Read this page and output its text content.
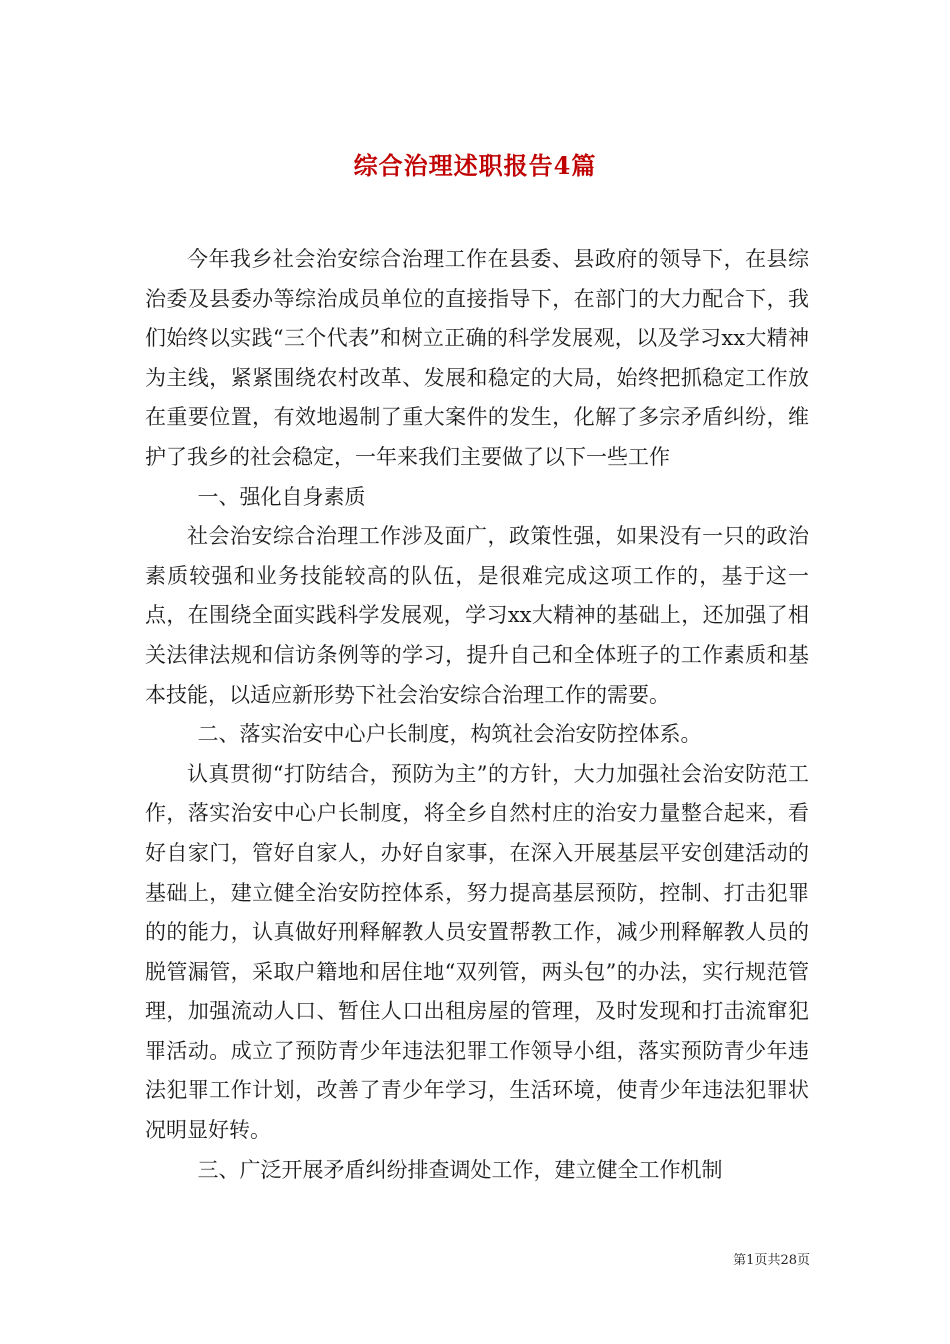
综合治理述职报告4篇

今年我乡社会治安综合治理工作在县委、县政府的领导下，在县综治委及县委办等综治成员单位的直接指导下，在部门的大力配合下，我们始终以实践“三个代表”和树立正确的科学发展观，以及学习xx大精神为主线，紧紧围绕农村改革、发展和稳定的大局，始终把抓稳定工作放在重要位置，有效地遏制了重大案件的发生，化解了多宗矛盾纠纷，维护了我乡的社会稳定，一年来我们主要做了以下一些工作

一、强化自身素质

社会治安综合治理工作涉及面广，政策性强，如果没有一只的政治素质较强和业务技能较高的队伍，是很难完成这项工作的，基于这一点，在围绕全面实践科学发展观，学习xx大精神的基础上，还加强了相关法律法规和信访条例等的学习，提升自己和全体班子的工作素质和基本技能，以适应新形势下社会治安综合治理工作的需要。

二、落实治安中心户长制度，构筑社会治安防控体系。

认真贯彻“打防结合，预防为主”的方针，大力加强社会治安防范工作，落实治安中心户长制度，将全乡自然村庄的治安力量整合起来，看好自家门，管好自家人，办好自家事，在深入开展基层平安创建活动的基础上，建立健全治安防控体系，努力提高基层预防，控制、打击犯罪的的能力，认真做好刑释解教人员安置帮教工作，减少刑释解教人员的脱管漏管，采取户籍地和居住地“双列管，两头包”的办法，实行规范管理，加强流动人口、暂住人口出租房屋的管理，及时发现和打击流窜犯罪活动。成立了预防青少年违法犯罪工作领导小组，落实预防青少年违法犯罪工作计划，改善了青少年学习，生活环境，使青少年违法犯罪状况明显好转。

三、广泛开展矛盾纠纷排查调处工作，建立健全工作机制

第1页共28页
